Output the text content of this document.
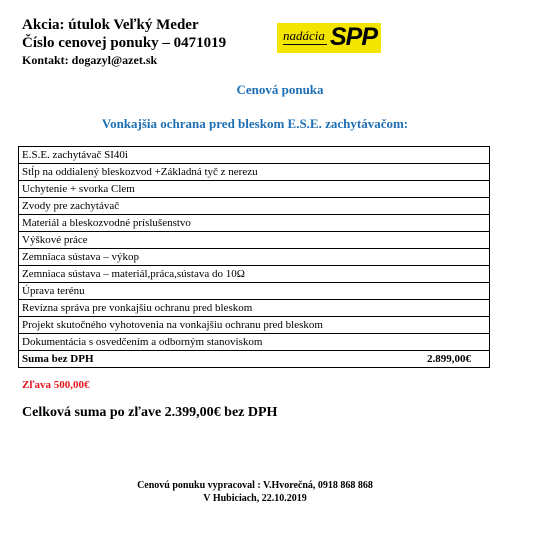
Akcia: útulok Veľký Meder
Číslo cenovej ponuky – 0471019
Kontakt: dogazyl@azet.sk
nadácia SPP
Cenová ponuka
Vonkajšia ochrana pred bleskom E.S.E. zachytávačom:
E.S.E. zachytávač SI40i
Stĺp na oddialený bleskozvod +Základná tyč z nerezu
Uchytenie + svorka Clem
Zvody pre zachytávač
Materiál a bleskozvodné príslušenstvo
Výškové práce
Zemniaca sústava – výkop
Zemniaca sústava – materiál,práca,sústava do 10Ω
Úprava terénu
Revízna správa pre vonkajšiu ochranu pred bleskom
Projekt skutočného vyhotovenia na vonkajšiu ochranu pred bleskom
Dokumentácia s osvedčením a odborným stanoviskom
Suma bez DPH	2.899,00€
Zľava 500,00€
Celková suma po zľave 2.399,00€ bez DPH
Cenovú ponuku vypracoval : V.Hvorečná, 0918 868 868
V Hubiciach, 22.10.2019
